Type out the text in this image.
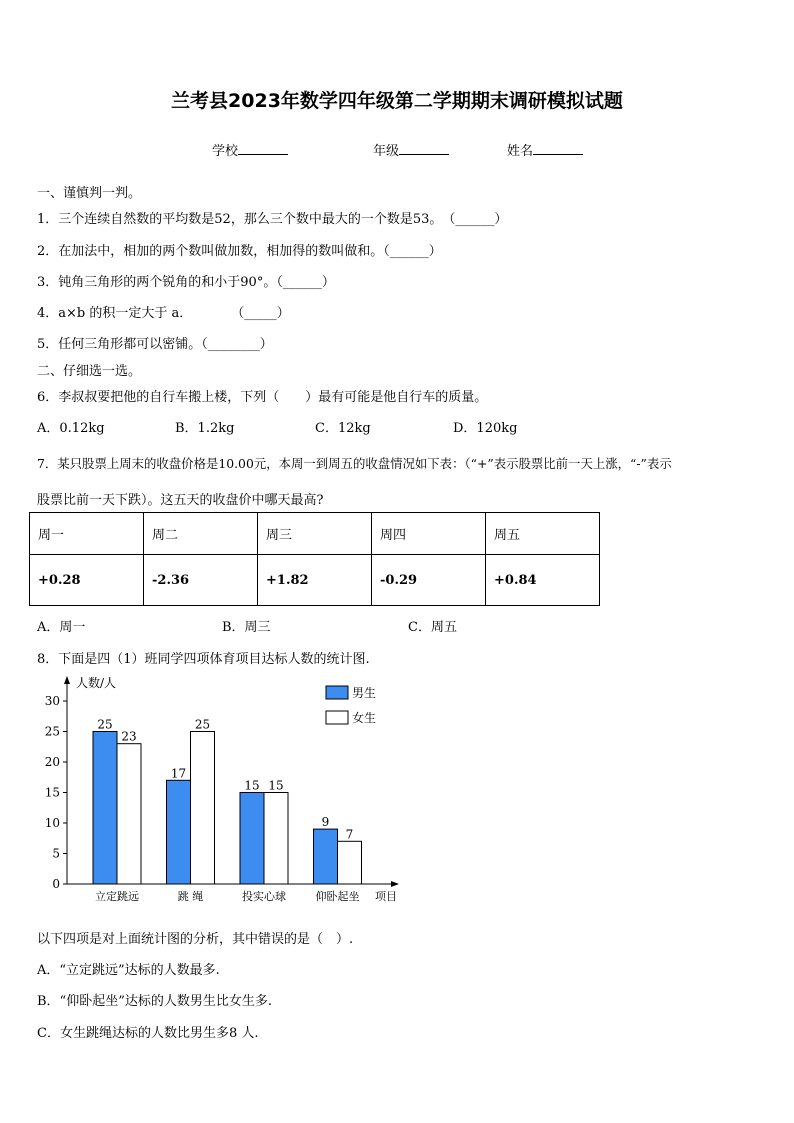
兰考县2023年数学四年级第二学期期末调研模拟试题
学校	年级	姓名
一、谨慎判一判。
1．三个连续自然数的平均数是52，那么三个数中最大的一个数是53。　（______）
2．在加法中，相加的两个数叫做加数，相加得的数叫做和。（______）
3．钝角三角形的两个锐角的和小于90°。（______）
4．a×b 的积一定大于 a．　　　　（_____）
5．任何三角形都可以密铺。（________）
二、仔细选一选。
6．李叔叔要把他的自行车搬上楼，下列（　　）最有可能是他自行车的质量。
A．0.12kg	B．1.2kg	C．12kg	D．120kg
7．某只股票上周末的收盘价格是10.00元，本周一到周五的收盘情况如下表：（“+”表示股票比前一天上涨，“-”表示
股票比前一天下跌）。这五天的收盘价中哪天最高?
周一	周二	周三	周四	周五
+0.28	-2.36	+1.82	-0.29	+0.84
A．周一	B．周三	C．周五
8．下面是四（1）班同学四项体育项目达标人数的统计图.
0
5
10
15
20
25
30
25
23
立定跳远
17
25
跳 绳
15 15
投实心球
9
7
仰卧起坐
人数/人
项目
男生
女生
以下四项是对上面统计图的分析，其中错误的是（　）.
A．“立定跳远”达标的人数最多.
B．“仰卧起坐”达标的人数男生比女生多.
C．女生跳绳达标的人数比男生多8 人.
